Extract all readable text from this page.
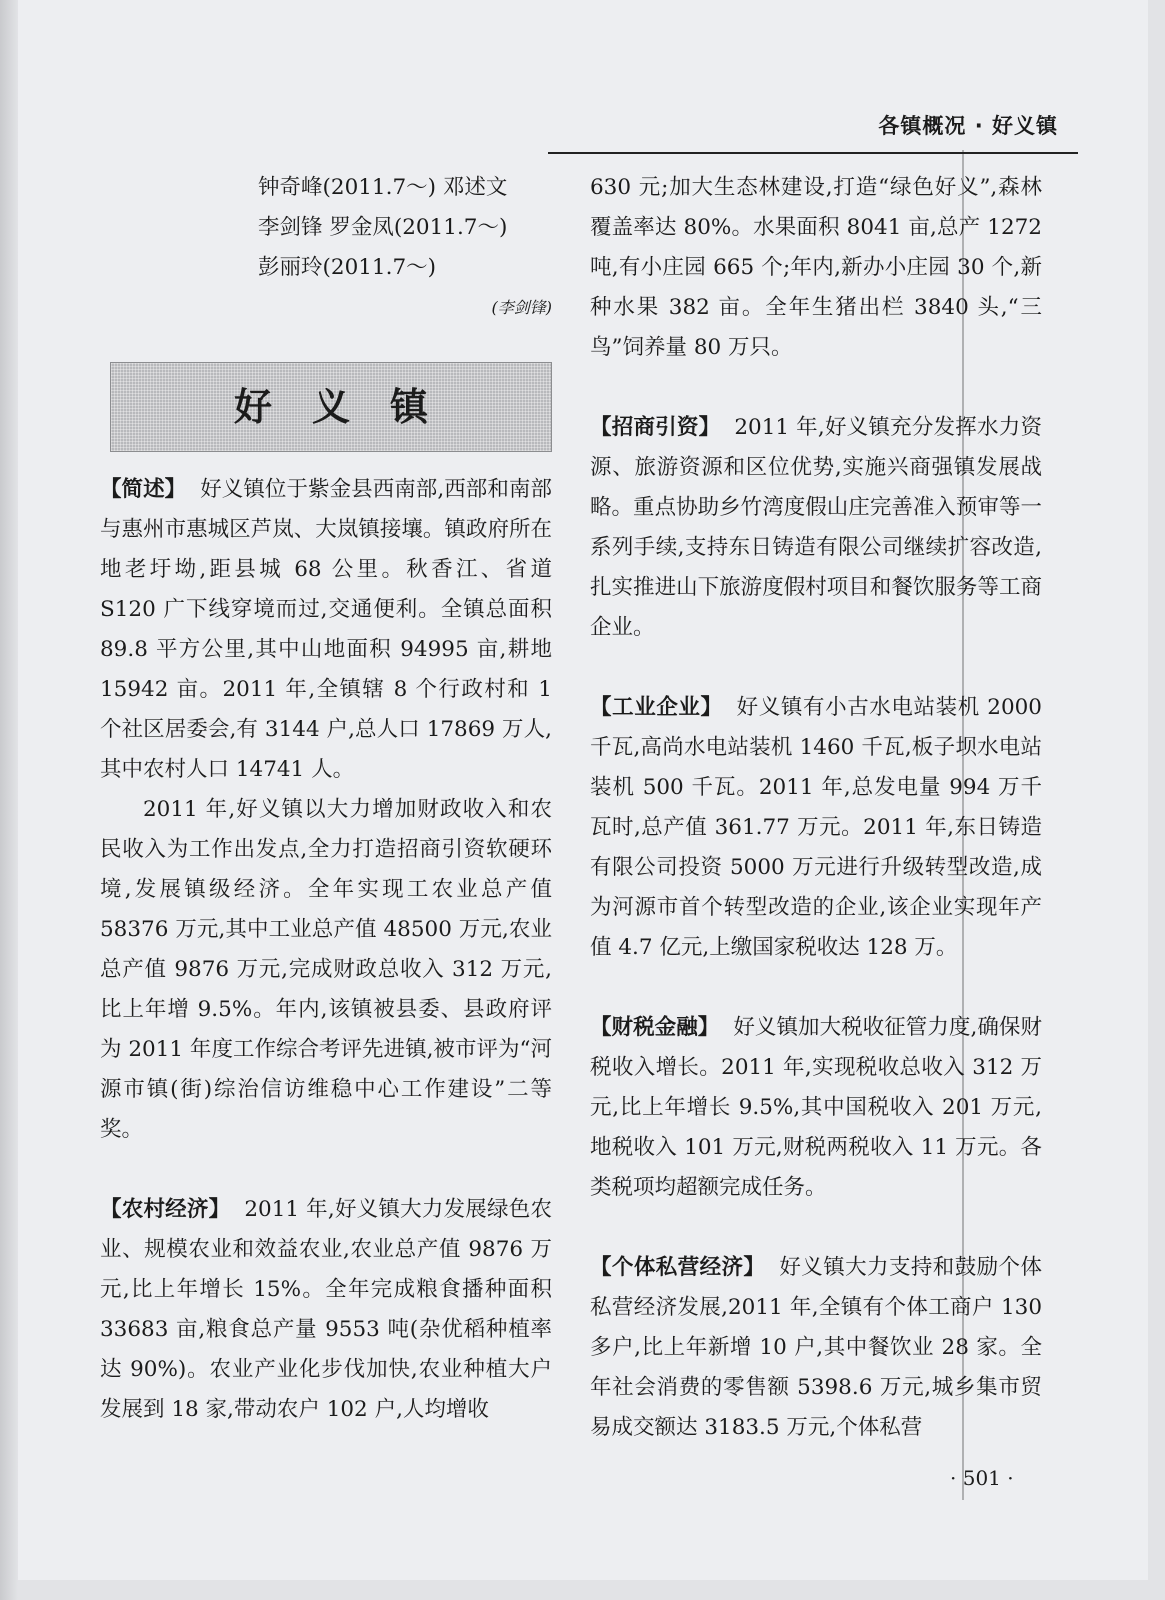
各镇概况 · 好义镇

钟奇峰(2011.7～) 邓述文

李剑锋 罗金凤(2011.7～)

彭丽玲(2011.7～)

(李剑锋)

好义镇

【简述】 好义镇位于紫金县西南部,西部和南部与惠州市惠城区芦岚、大岚镇接壤。镇政府所在地老圩坳,距县城 68 公里。秋香江、省道 S120 广下线穿境而过,交通便利。全镇总面积 89.8 平方公里,其中山地面积 94995 亩,耕地 15942 亩。2011 年,全镇辖 8 个行政村和 1 个社区居委会,有 3144 户,总人口 17869 万人,其中农村人口 14741 人。

2011 年,好义镇以大力增加财政收入和农民收入为工作出发点,全力打造招商引资软硬环境,发展镇级经济。全年实现工农业总产值 58376 万元,其中工业总产值 48500 万元,农业总产值 9876 万元,完成财政总收入 312 万元,比上年增 9.5%。年内,该镇被县委、县政府评为 2011 年度工作综合考评先进镇,被市评为“河源市镇(街)综治信访维稳中心工作建设”二等奖。

【农村经济】 2011 年,好义镇大力发展绿色农业、规模农业和效益农业,农业总产值 9876 万元,比上年增长 15%。全年完成粮食播种面积 33683 亩,粮食总产量 9553 吨(杂优稻种植率达 90%)。农业产业化步伐加快,农业种植大户发展到 18 家,带动农户 102 户,人均增收

630 元;加大生态林建设,打造“绿色好义”,森林覆盖率达 80%。水果面积 8041 亩,总产 1272 吨,有小庄园 665 个;年内,新办小庄园 30 个,新种水果 382 亩。全年生猪出栏 3840 头,“三鸟”饲养量 80 万只。

【招商引资】 2011 年,好义镇充分发挥水力资源、旅游资源和区位优势,实施兴商强镇发展战略。重点协助乡竹湾度假山庄完善准入预审等一系列手续,支持东日铸造有限公司继续扩容改造,扎实推进山下旅游度假村项目和餐饮服务等工商企业。

【工业企业】 好义镇有小古水电站装机 2000 千瓦,高尚水电站装机 1460 千瓦,板子坝水电站装机 500 千瓦。2011 年,总发电量 994 万千瓦时,总产值 361.77 万元。2011 年,东日铸造有限公司投资 5000 万元进行升级转型改造,成为河源市首个转型改造的企业,该企业实现年产值 4.7 亿元,上缴国家税收达 128 万。

【财税金融】 好义镇加大税收征管力度,确保财税收入增长。2011 年,实现税收总收入 312 万元,比上年增长 9.5%,其中国税收入 201 万元,地税收入 101 万元,财税两税收入 11 万元。各类税项均超额完成任务。

【个体私营经济】 好义镇大力支持和鼓励个体私营经济发展,2011 年,全镇有个体工商户 130 多户,比上年新增 10 户,其中餐饮业 28 家。全年社会消费的零售额 5398.6 万元,城乡集市贸易成交额达 3183.5 万元,个体私营

· 501 ·
